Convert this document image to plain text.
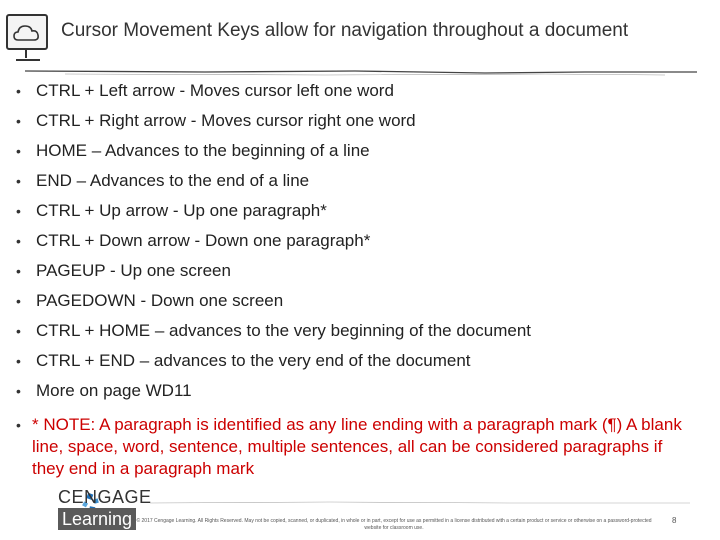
Cursor Movement Keys allow for navigation throughout a document
• CTRL + Left arrow - Moves cursor left one word
• CTRL + Right arrow - Moves cursor right one word
• HOME – Advances to the beginning of a line
• END – Advances to the end of a line
• CTRL + Up arrow - Up one paragraph*
• CTRL + Down arrow - Down one paragraph*
• PAGEUP - Up one screen
• PAGEDOWN - Down one screen
• CTRL + HOME – advances to the very beginning of the document
• CTRL + END – advances to the very end of the document
• More on page WD11
• * NOTE: A paragraph is identified as any line ending with a paragraph mark (¶) A blank line, space, word, sentence, multiple sentences, all can be considered paragraphs if they end in a paragraph mark
CENGAGE
Learning © 2017 Cengage Learning. All Rights Reserved. May not be copied, scanned, or duplicated, in whole or in part, except for use as permitted in a license distributed with a certain product or service or otherwise on a password-protected website for classroom use.
8
